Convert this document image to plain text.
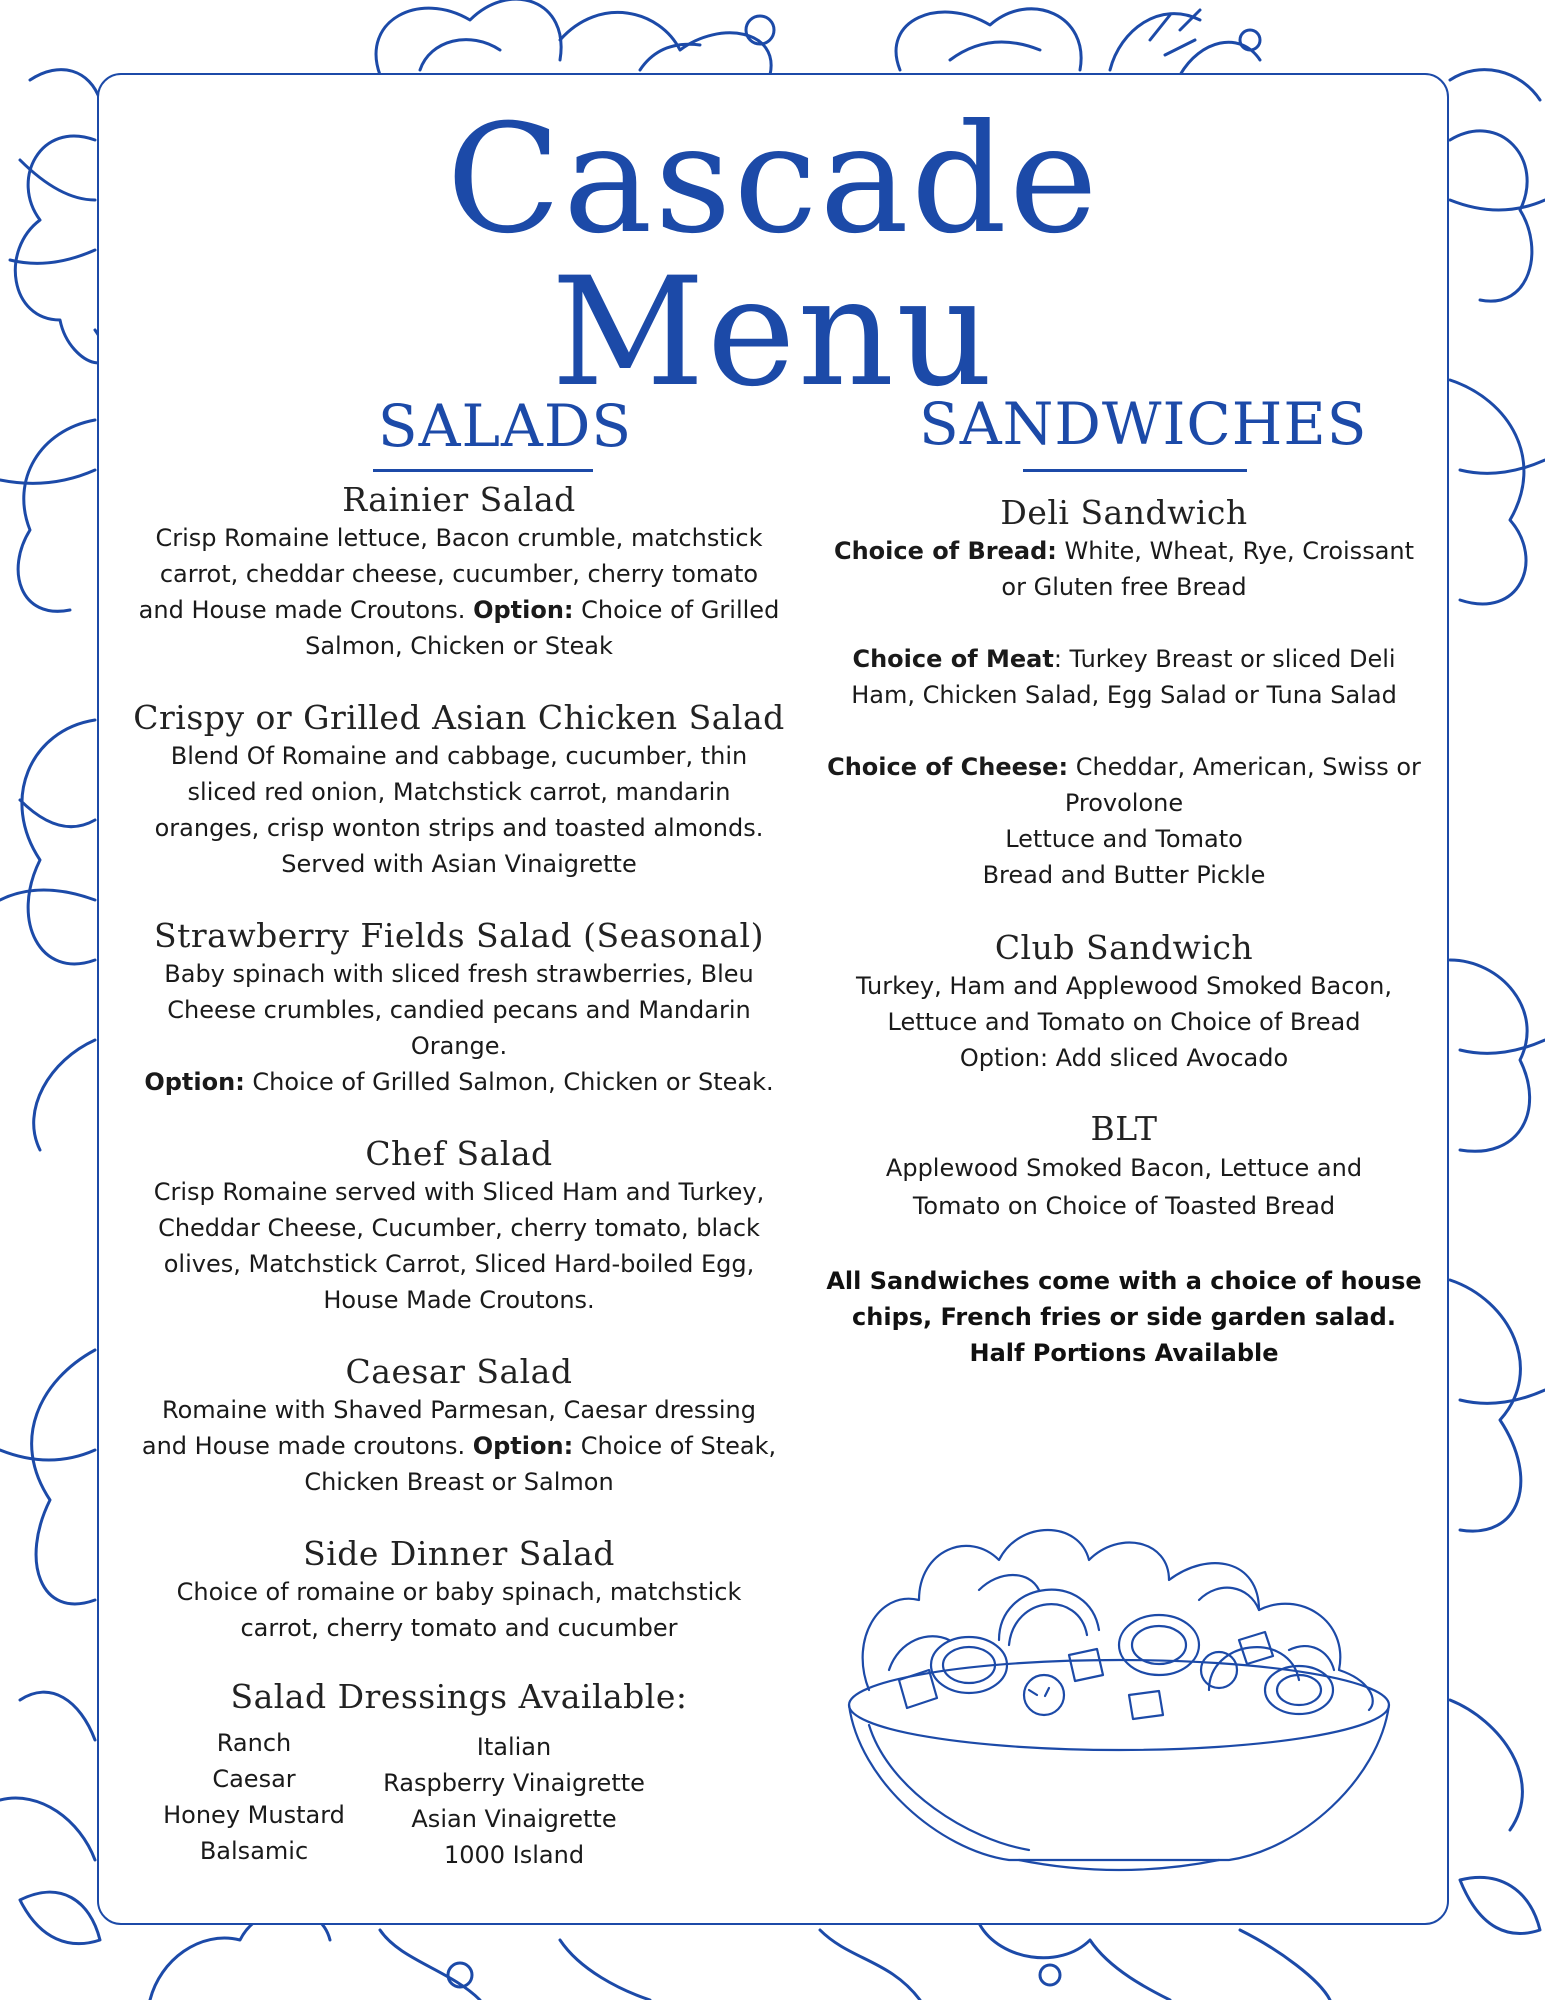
Cascade
Menu
SALADS	SANDWICHES
Rainier Salad
Crisp Romaine lettuce, Bacon crumble, matchstick
carrot, cheddar cheese, cucumber, cherry tomato
and House made Croutons. Option: Choice of Grilled
Salmon, Chicken or Steak
Crispy or Grilled Asian Chicken Salad
Blend Of Romaine and cabbage, cucumber, thin
sliced red onion, Matchstick carrot, mandarin
oranges, crisp wonton strips and toasted almonds.
Served with Asian Vinaigrette
Strawberry Fields Salad (Seasonal)
Baby spinach with sliced fresh strawberries, Bleu
Cheese crumbles, candied pecans and Mandarin
Orange.
Option: Choice of Grilled Salmon, Chicken or Steak.
Chef Salad
Crisp Romaine served with Sliced Ham and Turkey,
Cheddar Cheese, Cucumber, cherry tomato, black
olives, Matchstick Carrot, Sliced Hard-boiled Egg,
House Made Croutons.
Caesar Salad
Romaine with Shaved Parmesan, Caesar dressing
and House made croutons. Option: Choice of Steak,
Chicken Breast or Salmon
Side Dinner Salad
Choice of romaine or baby spinach, matchstick
carrot, cherry tomato and cucumber
Salad Dressings Available:
Ranch
Caesar
Honey Mustard
Balsamic
Italian
Raspberry Vinaigrette
Asian Vinaigrette
1000 Island
Deli Sandwich
Choice of Bread: White, Wheat, Rye, Croissant
or Gluten free Bread

Choice of Meat: Turkey Breast or sliced Deli
Ham, Chicken Salad, Egg Salad or Tuna Salad

Choice of Cheese: Cheddar, American, Swiss or
Provolone
Lettuce and Tomato
Bread and Butter Pickle
Club Sandwich
Turkey, Ham and Applewood Smoked Bacon,
Lettuce and Tomato on Choice of Bread
Option: Add sliced Avocado
BLT
Applewood Smoked Bacon, Lettuce and
Tomato on Choice of Toasted Bread
All Sandwiches come with a choice of house
chips, French fries or side garden salad.
Half Portions Available
